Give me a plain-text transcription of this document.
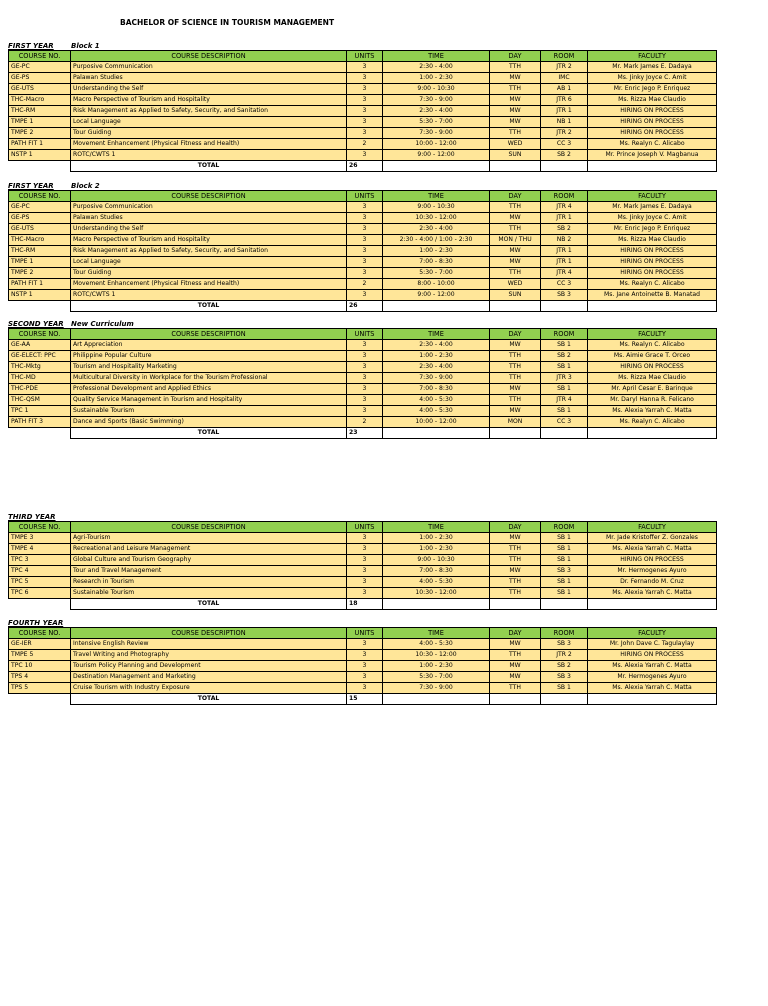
BACHELOR OF SCIENCE IN TOURISM MANAGEMENT
FIRST YEAR Block 1
COURSE NO.	COURSE DESCRIPTION	UNITS	TIME	DAY	ROOM	FACULTY
GE-PC	Purposive Communication	3	2:30 - 4:00	TTH	JTR 2	Mr. Mark James E. Dadaya
GE-PS	Palawan Studies	3	1:00 - 2:30	MW	IMC	Ms. Jinky Joyce C. Amit
GE-UTS	Understanding the Self	3	9:00 - 10:30	TTH	AB 1	Mr. Enric Jego P. Enriquez
THC-Macro	Macro Perspective of Tourism and Hospitality	3	7:30 - 9:00	MW	JTR 6	Ms. Rizza Mae Claudio
THC-RM	Risk Management as Applied to Safety, Security, and Sanitation	3	2:30 - 4:00	MW	JTR 1	HIRING ON PROCESS
TMPE 1	Local Language	3	5:30 - 7:00	MW	NB 1	HIRING ON PROCESS
TMPE 2	Tour Guiding	3	7:30 - 9:00	TTH	JTR 2	HIRING ON PROCESS
PATH FIT 1	Movement Enhancement (Physical Fitness and Health)	2	10:00 - 12:00	WED	CC 3	Ms. Realyn C. Alicabo
NSTP 1	ROTC/CWTS 1	3	9:00 - 12:00	SUN	SB 2	Mr. Prince Joseph V. Magbanua
	TOTAL	26				
FIRST YEAR Block 2
COURSE NO.	COURSE DESCRIPTION	UNITS	TIME	DAY	ROOM	FACULTY
GE-PC	Purposive Communication	3	9:00 - 10:30	TTH	JTR 4	Mr. Mark James E. Dadaya
GE-PS	Palawan Studies	3	10:30 - 12:00	MW	JTR 1	Ms. Jinky Joyce C. Amit
GE-UTS	Understanding the Self	3	2:30 - 4:00	TTH	SB 2	Mr. Enric Jego P. Enriquez
THC-Macro	Macro Perspective of Tourism and Hospitality	3	2:30 - 4:00 / 1:00 - 2:30	MON / THU	NB 2	Ms. Rizza Mae Claudio
THC-RM	Risk Management as Applied to Safety, Security, and Sanitation	3	1:00 - 2:30	MW	JTR 1	HIRING ON PROCESS
TMPE 1	Local Language	3	7:00 - 8:30	MW	JTR 1	HIRING ON PROCESS
TMPE 2	Tour Guiding	3	5:30 - 7:00	TTH	JTR 4	HIRING ON PROCESS
PATH FIT 1	Movement Enhancement (Physical Fitness and Health)	2	8:00 - 10:00	WED	CC 3	Ms. Realyn C. Alicabo
NSTP 1	ROTC/CWTS 1	3	9:00 - 12:00	SUN	SB 3	Ms. Jane Antoinette B. Manatad
	TOTAL	26				
SECOND YEAR New Curriculum
COURSE NO.	COURSE DESCRIPTION	UNITS	TIME	DAY	ROOM	FACULTY
GE-AA	Art Appreciation	3	2:30 - 4:00	MW	SB 1	Ms. Realyn C. Alicabo
GE-ELECT: PPC	Philippine Popular Culture	3	1:00 - 2:30	TTH	SB 2	Ms. Aimie Grace T. Orceo
THC-Mktg	Tourism and Hospitality Marketing	3	2:30 - 4:00	TTH	SB 1	HIRING ON PROCESS
THC-MD	Multicultural Diversity in Workplace for the Tourism Professional	3	7:30 - 9:00	TTH	JTR 3	Ms. Rizza Mae Claudio
THC-PDE	Professional Development and Applied Ethics	3	7:00 - 8:30	MW	SB 1	Mr. April Cesar E. Barinque
THC-QSM	Quality Service Management in Tourism and Hospitality	3	4:00 - 5:30	TTH	JTR 4	Mr. Daryl Hanna R. Felicano
TPC 1	Sustainable Tourism	3	4:00 - 5:30	MW	SB 1	Ms. Alexia Yarrah C. Matta
PATH FIT 3	Dance and Sports (Basic Swimming)	2	10:00 - 12:00	MON	CC 3	Ms. Realyn C. Alicabo
	TOTAL	23				
THIRD YEAR
COURSE NO.	COURSE DESCRIPTION	UNITS	TIME	DAY	ROOM	FACULTY
TMPE 3	Agri-Tourism	3	1:00 - 2:30	MW	SB 1	Mr. Jade Kristoffer Z. Gonzales
TMPE 4	Recreational and Leisure Management	3	1:00 - 2:30	TTH	SB 1	Ms. Alexia Yarrah C. Matta
TPC 3	Global Culture and Tourism Geography	3	9:00 - 10:30	TTH	SB 1	HIRING ON PROCESS
TPC 4	Tour and Travel Management	3	7:00 - 8:30	MW	SB 3	Mr. Hermogenes Ayuro
TPC 5	Research in Tourism	3	4:00 - 5:30	TTH	SB 1	Dr. Fernando M. Cruz
TPC 6	Sustainable Tourism	3	10:30 - 12:00	TTH	SB 1	Ms. Alexia Yarrah C. Matta
	TOTAL	18				
FOURTH YEAR
COURSE NO.	COURSE DESCRIPTION	UNITS	TIME	DAY	ROOM	FACULTY
GE-IER	Intensive English Review	3	4:00 - 5:30	MW	SB 3	Mr. John Dave C. Tagulaylay
TMPE 5	Travel Writing and Photography	3	10:30 - 12:00	TTH	JTR 2	HIRING ON PROCESS
TPC 10	Tourism Policy Planning and Development	3	1:00 - 2:30	MW	SB 2	Ms. Alexia Yarrah C. Matta
TPS 4	Destination Management and Marketing	3	5:30 - 7:00	MW	SB 3	Mr. Hermogenes Ayuro
TPS 5	Cruise Tourism with Industry Exposure	3	7:30 - 9:00	TTH	SB 1	Ms. Alexia Yarrah C. Matta
	TOTAL	15				
